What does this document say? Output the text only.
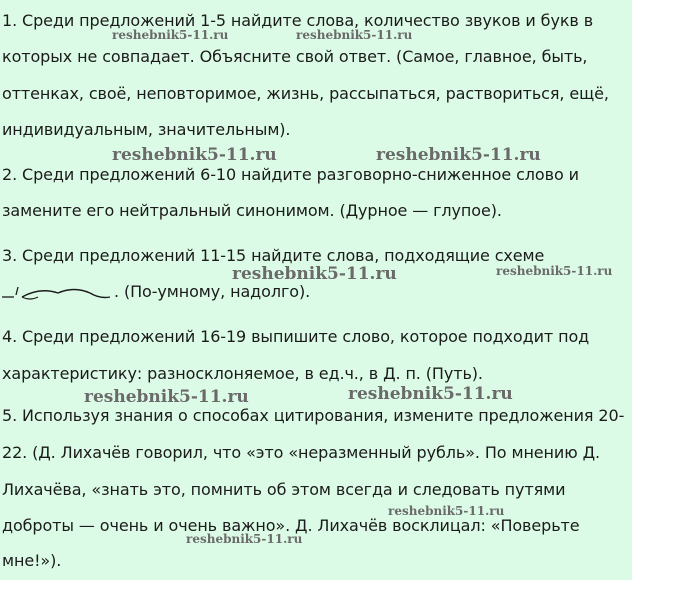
1. Среди предложений 1-5 найдите слова, количество звуков и букв в
которых не совпадает. Объясните свой ответ. (Самое, главное, быть,
оттенках, своё, неповторимое, жизнь, рассыпаться, раствориться, ещё,
индивидуальным, значительным).
2. Среди предложений 6-10 найдите разговорно-сниженное слово и
замените его нейтральный синонимом. (Дурное — глупое).
3. Среди предложений 11-15 найдите слова, подходящие схеме
. (По-умному, надолго).
4. Среди предложений 16-19 выпишите слово, которое подходит под
характеристику: разносклоняемое, в ед.ч., в Д. п. (Путь).
5. Используя знания о способах цитирования, измените предложения 20-
22. (Д. Лихачёв говорил, что «это «неразменный рубль». По мнению Д.
Лихачёва, «знать это, помнить об этом всегда и следовать путями
доброты — очень и очень важно». Д. Лихачёв восклицал: «Поверьте
мне!»).
reshebnik5-11.ru	reshebnik5-11.ru
reshebnik5-11.ru	reshebnik5-11.ru
reshebnik5-11.ru	reshebnik5-11.ru
reshebnik5-11.ru	reshebnik5-11.ru
reshebnik5-11.ru
reshebnik5-11.ru
